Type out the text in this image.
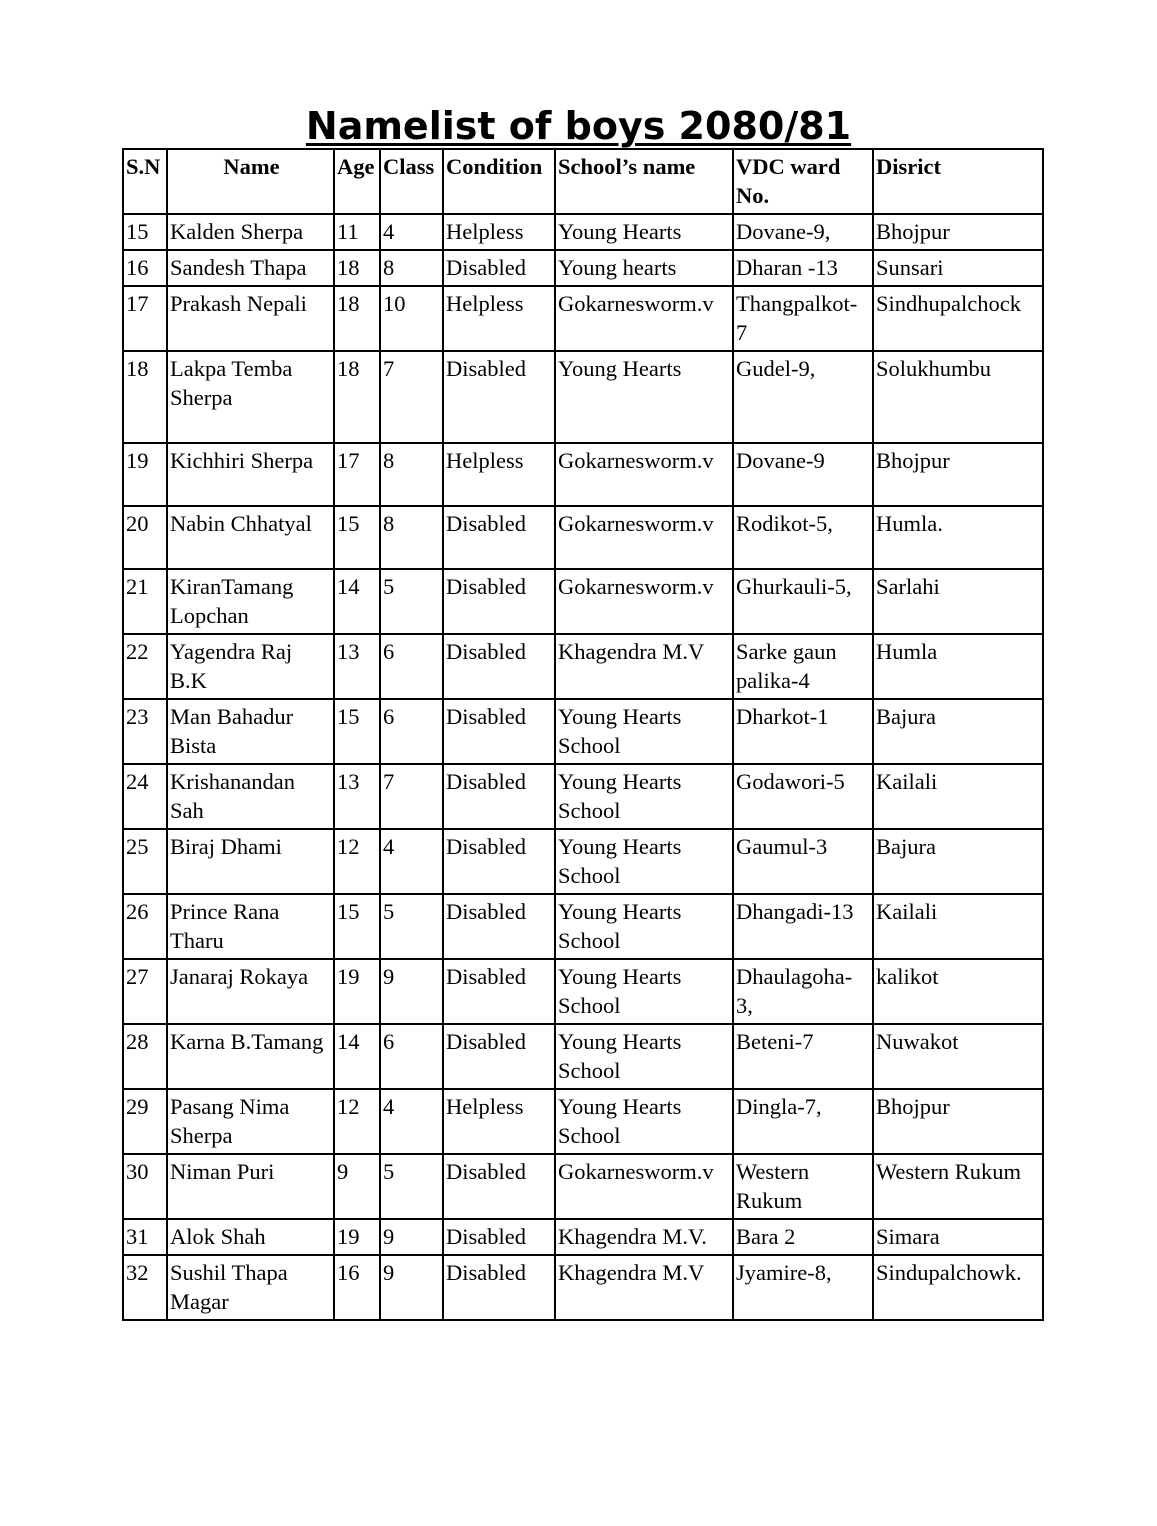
Namelist of boys 2080/81
S.N	Name	Age	Class	Condition	School’s name	VDC ward No.	Disrict
15	Kalden Sherpa	11	4	Helpless	Young Hearts	Dovane-9,	Bhojpur
16	Sandesh Thapa	18	8	Disabled	Young hearts	Dharan -13	Sunsari
17	Prakash Nepali	18	10	Helpless	Gokarnesworm.v	Thangpalkot- 7	Sindhupalchock
18	Lakpa Temba Sherpa	18	7	Disabled	Young Hearts	Gudel-9,	Solukhumbu
19	Kichhiri Sherpa	17	8	Helpless	Gokarnesworm.v	Dovane-9	Bhojpur
20	Nabin Chhatyal	15	8	Disabled	Gokarnesworm.v	Rodikot-5,	Humla.
21	KiranTamang Lopchan	14	5	Disabled	Gokarnesworm.v	Ghurkauli-5,	Sarlahi
22	Yagendra Raj B.K	13	6	Disabled	Khagendra M.V	Sarke gaun palika-4	Humla
23	Man Bahadur Bista	15	6	Disabled	Young Hearts School	Dharkot-1	Bajura
24	Krishanandan Sah	13	7	Disabled	Young Hearts School	Godawori-5	Kailali
25	Biraj Dhami	12	4	Disabled	Young Hearts School	Gaumul-3	Bajura
26	Prince Rana Tharu	15	5	Disabled	Young Hearts School	Dhangadi-13	Kailali
27	Janaraj Rokaya	19	9	Disabled	Young Hearts School	Dhaulagoha- 3,	kalikot
28	Karna B.Tamang	14	6	Disabled	Young Hearts School	Beteni-7	Nuwakot
29	Pasang Nima Sherpa	12	4	Helpless	Young Hearts School	Dingla-7,	Bhojpur
30	Niman Puri	9	5	Disabled	Gokarnesworm.v	Western Rukum	Western Rukum
31	Alok Shah	19	9	Disabled	Khagendra M.V.	Bara 2	Simara
32	Sushil Thapa Magar	16	9	Disabled	Khagendra M.V	Jyamire-8,	Sindupalchowk.
